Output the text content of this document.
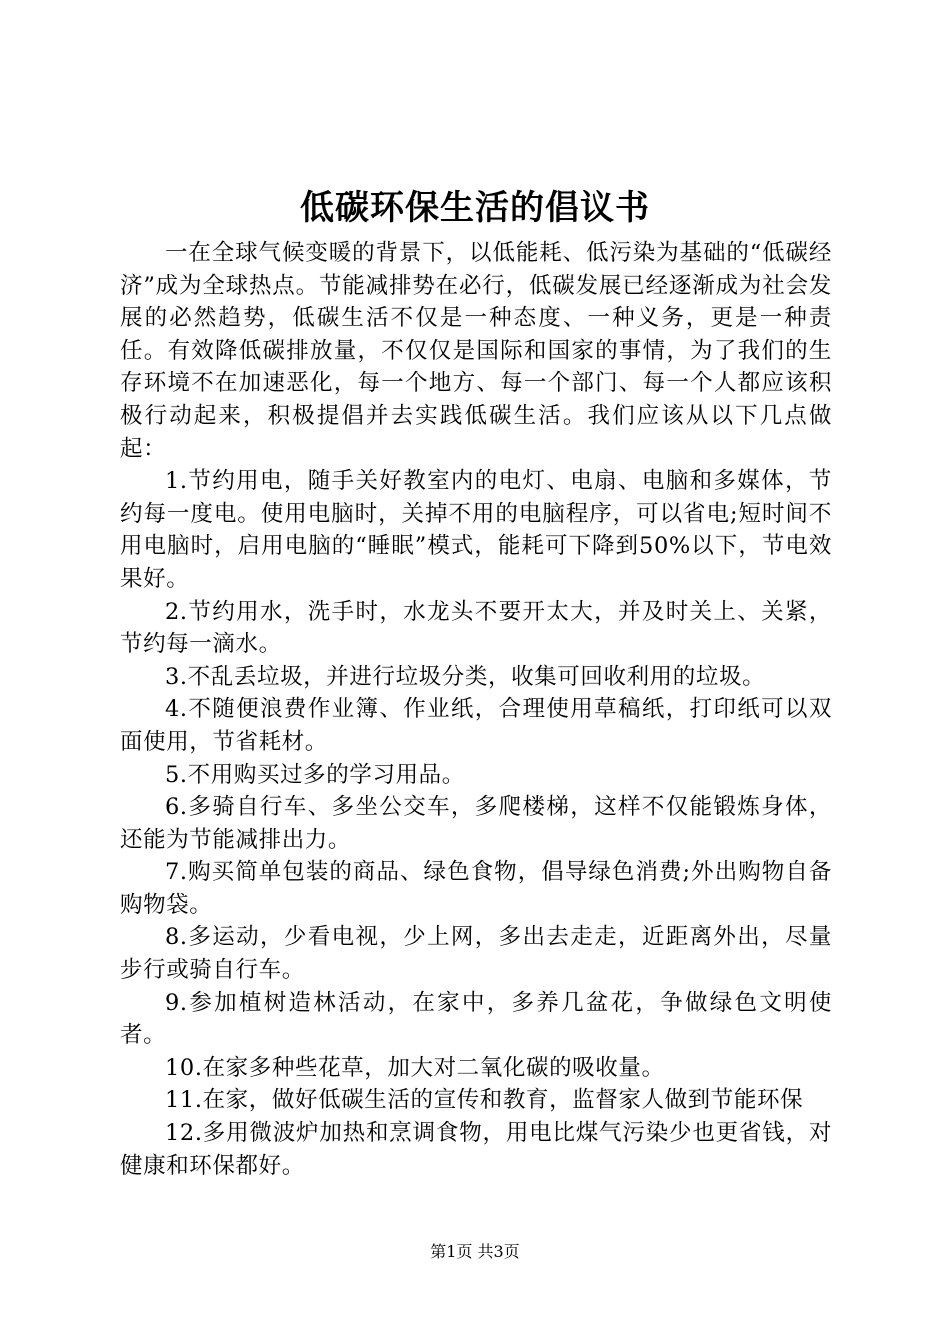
低碳环保生活的倡议书

一在全球气候变暖的背景下，以低能耗、低污染为基础的“低碳经济”成为全球热点。节能减排势在必行，低碳发展已经逐渐成为社会发展的必然趋势，低碳生活不仅是一种态度、一种义务，更是一种责任。有效降低碳排放量，不仅仅是国际和国家的事情，为了我们的生存环境不在加速恶化，每一个地方、每一个部门、每一个人都应该积极行动起来，积极提倡并去实践低碳生活。我们应该从以下几点做起：

1.节约用电，随手关好教室内的电灯、电扇、电脑和多媒体，节约每一度电。使用电脑时，关掉不用的电脑程序，可以省电;短时间不用电脑时，启用电脑的“睡眠”模式，能耗可下降到50%以下，节电效果好。

2.节约用水，洗手时，水龙头不要开太大，并及时关上、关紧，节约每一滴水。

3.不乱丢垃圾，并进行垃圾分类，收集可回收利用的垃圾。

4.不随便浪费作业簿、作业纸，合理使用草稿纸，打印纸可以双面使用，节省耗材。

5.不用购买过多的学习用品。

6.多骑自行车、多坐公交车，多爬楼梯，这样不仅能锻炼身体，还能为节能减排出力。

7.购买简单包装的商品、绿色食物，倡导绿色消费;外出购物自备购物袋。

8.多运动，少看电视，少上网，多出去走走，近距离外出，尽量步行或骑自行车。

9.参加植树造林活动，在家中，多养几盆花，争做绿色文明使者。

10.在家多种些花草，加大对二氧化碳的吸收量。

11.在家，做好低碳生活的宣传和教育，监督家人做到节能环保

12.多用微波炉加热和烹调食物，用电比煤气污染少也更省钱，对健康和环保都好。

第1页 共3页
